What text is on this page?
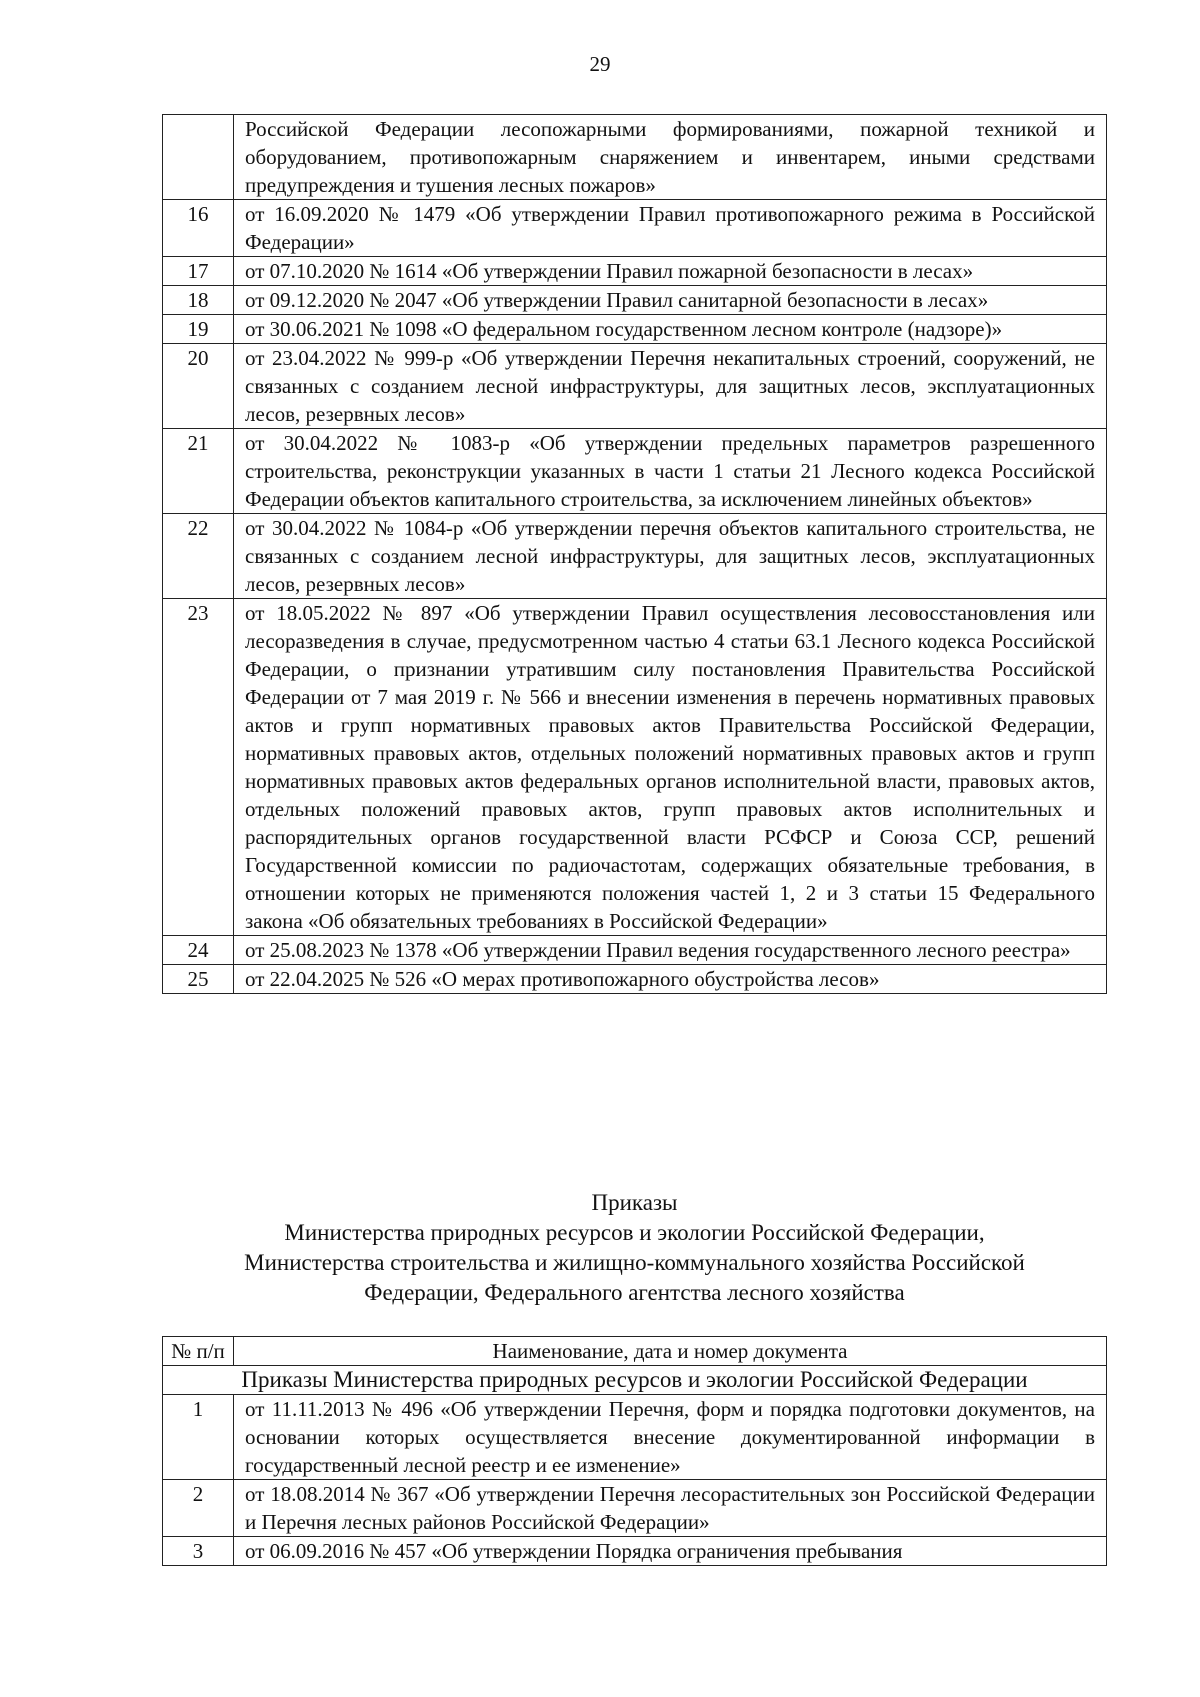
29
	Российской Федерации лесопожарными формированиями, пожарной техникой и оборудованием, противопожарным снаряжением и инвентарем, иными средствами предупреждения и тушения лесных пожаров»
16	от 16.09.2020 № 1479 «Об утверждении Правил противопожарного режима в Российской Федерации»
17	от 07.10.2020 № 1614 «Об утверждении Правил пожарной безопасности в лесах»
18	от 09.12.2020 № 2047 «Об утверждении Правил санитарной безопасности в лесах»
19	от 30.06.2021 № 1098 «О федеральном государственном лесном контроле (надзоре)»
20	от 23.04.2022 № 999-р «Об утверждении Перечня некапитальных строений, сооружений, не связанных с созданием лесной инфраструктуры, для защитных лесов, эксплуатационных лесов, резервных лесов»
21	от 30.04.2022 № 1083-р «Об утверждении предельных параметров разрешенного строительства, реконструкции указанных в части 1 статьи 21 Лесного кодекса Российской Федерации объектов капитального строительства, за исключением линейных объектов»
22	от 30.04.2022 № 1084-р «Об утверждении перечня объектов капитального строительства, не связанных с созданием лесной инфраструктуры, для защитных лесов, эксплуатационных лесов, резервных лесов»
23	от 18.05.2022 № 897 «Об утверждении Правил осуществления лесовосстановления или лесоразведения в случае, предусмотренном частью 4 статьи 63.1 Лесного кодекса Российской Федерации, о признании утратившим силу постановления Правительства Российской Федерации от 7 мая 2019 г. № 566 и внесении изменения в перечень нормативных правовых актов и групп нормативных правовых актов Правительства Российской Федерации, нормативных правовых актов, отдельных положений нормативных правовых актов и групп нормативных правовых актов федеральных органов исполнительной власти, правовых актов, отдельных положений правовых актов, групп правовых актов исполнительных и распорядительных органов государственной власти РСФСР и Союза ССР, решений Государственной комиссии по радиочастотам, содержащих обязательные требования, в отношении которых не применяются положения частей 1, 2 и 3 статьи 15 Федерального закона «Об обязательных требованиях в Российской Федерации»
24	от 25.08.2023 № 1378 «Об утверждении Правил ведения государственного лесного реестра»
25	от 22.04.2025 № 526 «О мерах противопожарного обустройства лесов»
Приказы
Министерства природных ресурсов и экологии Российской Федерации,
Министерства строительства и жилищно-коммунального хозяйства Российской
Федерации, Федерального агентства лесного хозяйства
№ п/п	Наименование, дата и номер документа
Приказы Министерства природных ресурсов и экологии Российской Федерации	
1	от 11.11.2013 № 496 «Об утверждении Перечня, форм и порядка подготовки документов, на основании которых осуществляется внесение документированной информации в государственный лесной реестр и ее изменение»
2	от 18.08.2014 № 367 «Об утверждении Перечня лесорастительных зон Российской Федерации и Перечня лесных районов Российской Федерации»
3	от 06.09.2016 № 457 «Об утверждении Порядка ограничения пребывания
